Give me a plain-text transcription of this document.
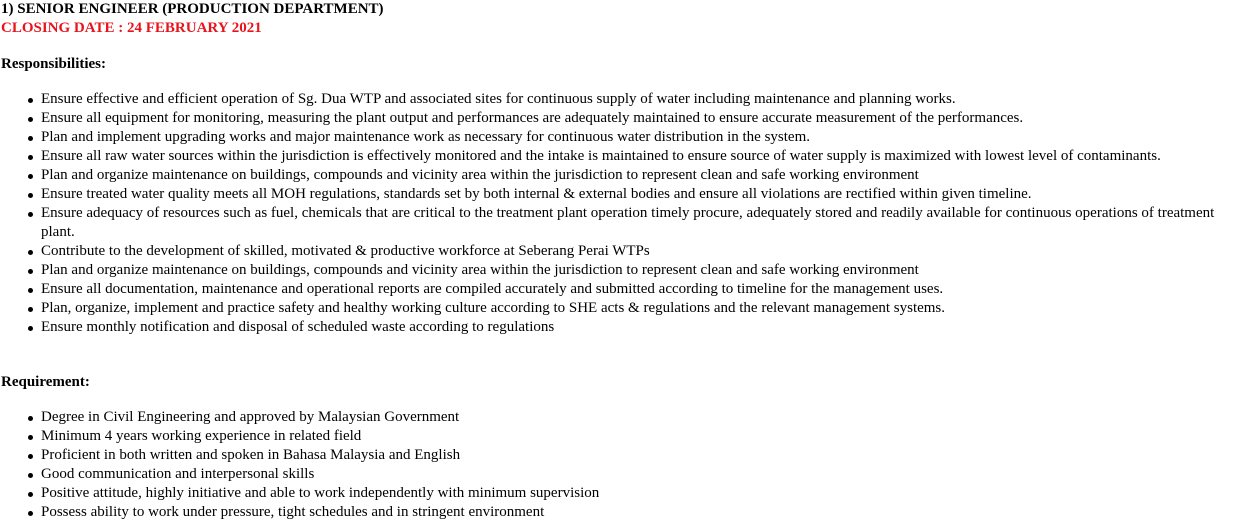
1) SENIOR ENGINEER (PRODUCTION DEPARTMENT)
CLOSING DATE : 24 FEBRUARY 2021
Responsibilities:
Ensure effective and efficient operation of Sg. Dua WTP and associated sites for continuous supply of water including maintenance and planning works.
Ensure all equipment for monitoring, measuring the plant output and performances are adequately maintained to ensure accurate measurement of the performances.
Plan and implement upgrading works and major maintenance work as necessary for continuous water distribution in the system.
Ensure all raw water sources within the jurisdiction is effectively monitored and the intake is maintained to ensure source of water supply is maximized with lowest level of contaminants.
Plan and organize maintenance on buildings, compounds and vicinity area within the jurisdiction to represent clean and safe working environment
Ensure treated water quality meets all MOH regulations, standards set by both internal & external bodies and ensure all violations are rectified within given timeline.
Ensure adequacy of resources such as fuel, chemicals that are critical to the treatment plant operation timely procure, adequately stored and readily available for continuous operations of treatment plant.
Contribute to the development of skilled, motivated & productive workforce at Seberang Perai WTPs
Plan and organize maintenance on buildings, compounds and vicinity area within the jurisdiction to represent clean and safe working environment
Ensure all documentation, maintenance and operational reports are compiled accurately and submitted according to timeline for the management uses.
Plan, organize, implement and practice safety and healthy working culture according to SHE acts & regulations and the relevant management systems.
Ensure monthly notification and disposal of scheduled waste according to regulations
Requirement:
Degree in Civil Engineering and approved by Malaysian Government
Minimum 4 years working experience in related field
Proficient in both written and spoken in Bahasa Malaysia and English
Good communication and interpersonal skills
Positive attitude, highly initiative and able to work independently with minimum supervision
Possess ability to work under pressure, tight schedules and in stringent environment
